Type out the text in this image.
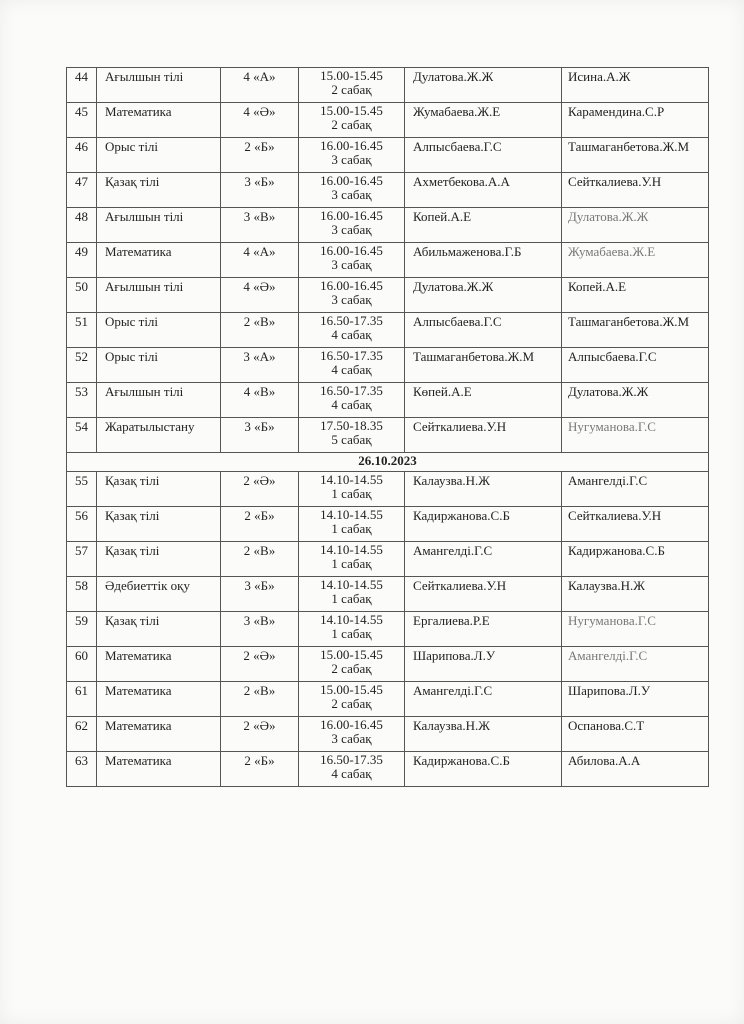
44	Ағылшын тілі	4 «А»	15.00-15.45
2 сабақ	Дулатова.Ж.Ж	Исина.А.Ж
45	Математика	4 «Ә»	15.00-15.45
2 сабақ	Жумабаева.Ж.Е	Карамендина.С.Р
46	Орыс тілі	2 «Б»	16.00-16.45
3 сабақ	Алпысбаева.Г.С	Ташмаганбетова.Ж.М
47	Қазақ тілі	3 «Б»	16.00-16.45
3 сабақ	Ахметбекова.А.А	Сейткалиева.У.Н
48	Ағылшын тілі	3 «В»	16.00-16.45
3 сабақ	Копей.А.Е	Дулатова.Ж.Ж
49	Математика	4 «А»	16.00-16.45
3 сабақ	Абильмаженова.Г.Б	Жумабаева.Ж.Е
50	Ағылшын тілі	4 «Ә»	16.00-16.45
3 сабақ	Дулатова.Ж.Ж	Копей.А.Е
51	Орыс тілі	2 «В»	16.50-17.35
4 сабақ	Алпысбаева.Г.С	Ташмаганбетова.Ж.М
52	Орыс тілі	3 «А»	16.50-17.35
4 сабақ	Ташмаганбетова.Ж.М	Алпысбаева.Г.С
53	Ағылшын тілі	4 «В»	16.50-17.35
4 сабақ	Көпей.А.Е	Дулатова.Ж.Ж
54	Жаратылыстану	3 «Б»	17.50-18.35
5 сабақ	Сейткалиева.У.Н	Нугуманова.Г.С
26.10.2023					
55	Қазақ тілі	2 «Ә»	14.10-14.55
1 сабақ	Калаузва.Н.Ж	Амангелді.Г.С
56	Қазақ тілі	2 «Б»	14.10-14.55
1 сабақ	Кадиржанова.С.Б	Сейткалиева.У.Н
57	Қазақ тілі	2 «В»	14.10-14.55
1 сабақ	Амангелді.Г.С	Кадиржанова.С.Б
58	Әдебиеттік оқу	3 «Б»	14.10-14.55
1 сабақ	Сейткалиева.У.Н	Калаузва.Н.Ж
59	Қазақ тілі	3 «В»	14.10-14.55
1 сабақ	Ергалиева.Р.Е	Нугуманова.Г.С
60	Математика	2 «Ә»	15.00-15.45
2 сабақ	Шарипова.Л.У	Амангелді.Г.С
61	Математика	2 «В»	15.00-15.45
2 сабақ	Амангелді.Г.С	Шарипова.Л.У
62	Математика	2 «Ә»	16.00-16.45
3 сабақ	Калаузва.Н.Ж	Оспанова.С.Т
63	Математика	2 «Б»	16.50-17.35
4 сабақ	Кадиржанова.С.Б	Абилова.А.А
